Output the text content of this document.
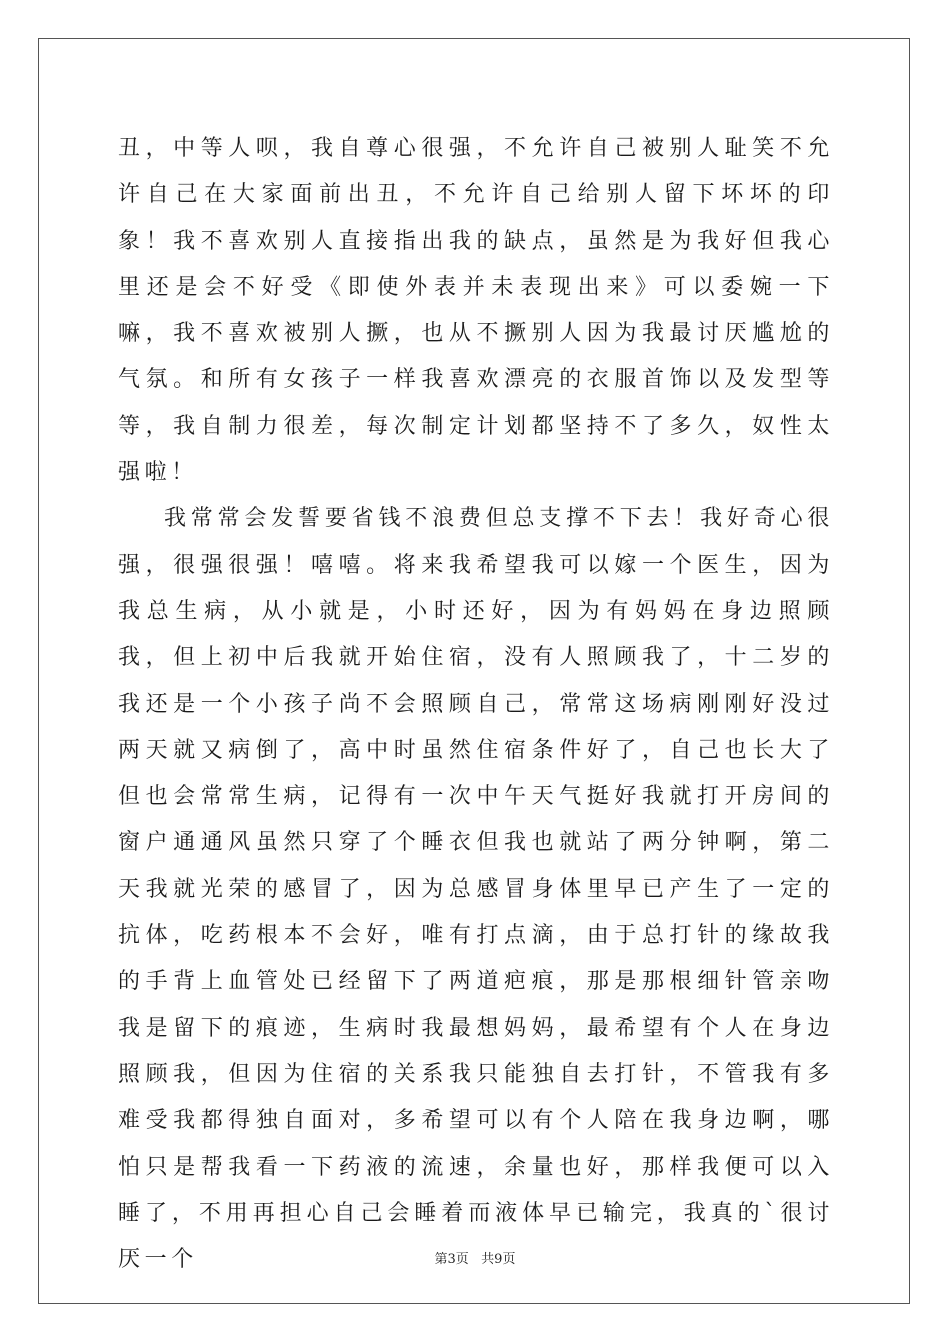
丑，中等人呗，我自尊心很强，不允许自己被别人耻笑不允许自己在大家面前出丑，不允许自己给别人留下坏坏的印象！我不喜欢别人直接指出我的缺点，虽然是为我好但我心里还是会不好受《即使外表并未表现出来》可以委婉一下嘛，我不喜欢被别人撅，也从不撅别人因为我最讨厌尴尬的气氛。和所有女孩子一样我喜欢漂亮的衣服首饰以及发型等等，我自制力很差，每次制定计划都坚持不了多久，奴性太强啦！

我常常会发誓要省钱不浪费但总支撑不下去！我好奇心很强，很强很强！嘻嘻。将来我希望我可以嫁一个医生，因为我总生病，从小就是，小时还好，因为有妈妈在身边照顾我，但上初中后我就开始住宿，没有人照顾我了，十二岁的我还是一个小孩子尚不会照顾自己，常常这场病刚刚好没过两天就又病倒了，高中时虽然住宿条件好了，自己也长大了但也会常常生病，记得有一次中午天气挺好我就打开房间的窗户通通风虽然只穿了个睡衣但我也就站了两分钟啊，第二天我就光荣的感冒了，因为总感冒身体里早已产生了一定的抗体，吃药根本不会好，唯有打点滴，由于总打针的缘故我的手背上血管处已经留下了两道疤痕，那是那根细针管亲吻我是留下的痕迹，生病时我最想妈妈，最希望有个人在身边照顾我，但因为住宿的关系我只能独自去打针，不管我有多难受我都得独自面对，多希望可以有个人陪在我身边啊，哪怕只是帮我看一下药液的流速，余量也好，那样我便可以入睡了，不用再担心自己会睡着而液体早已输完，我真的`很讨厌一个	第3页   共9页
